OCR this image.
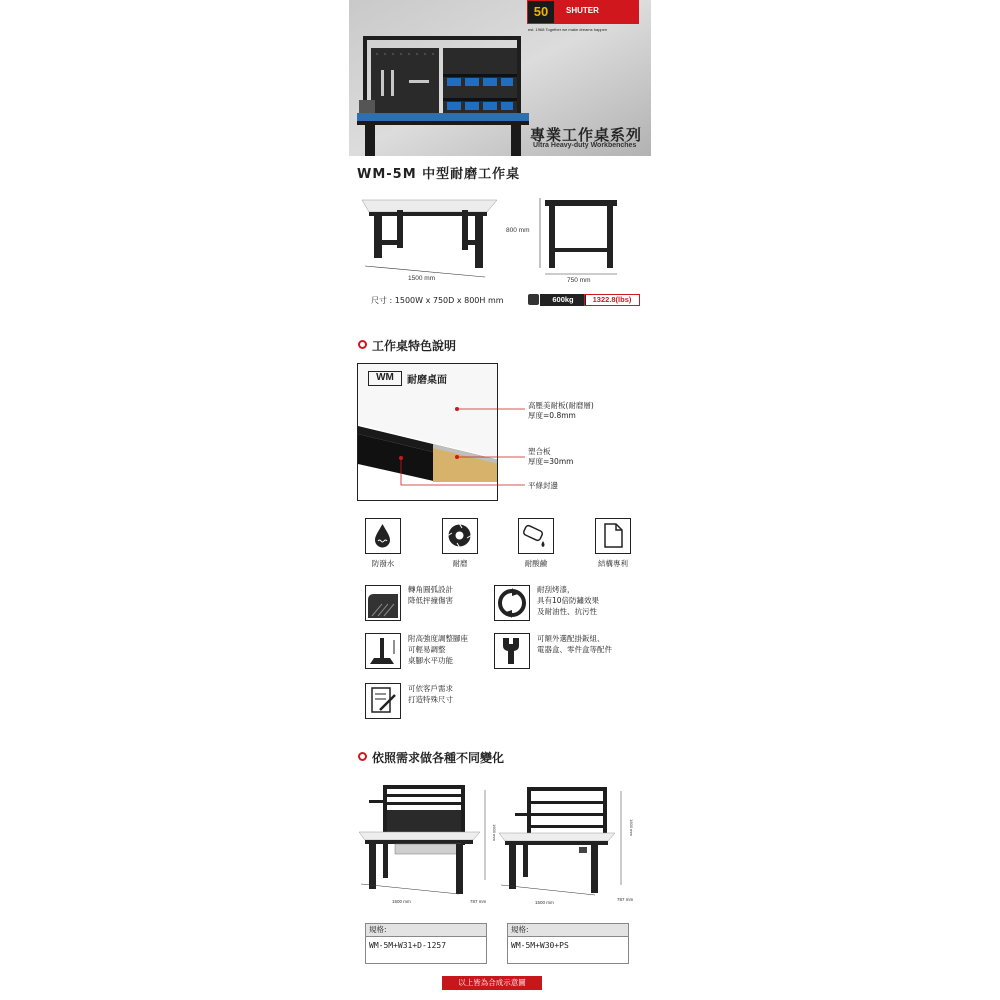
50	SHUTER
est. 1968 Together we make dreams happen
專業工作桌系列
Ultra Heavy-duty Workbenches
WM-5M 中型耐磨工作桌
800 mm
1500 mm	750 mm
尺寸 : 1500W x 750D x 800H mm	600kg	1322.8(lbs)
工作桌特色說明
WM	耐磨桌面
高壓美耐板(耐磨層)
厚度=0.8mm
塑合板
厚度=30mm
平條封邊
防潑水	耐磨	耐酸鹼	結構專利
轉角圓弧設計
降低抨撞傷害
耐刮烤漆，
具有10倍防鏽效果
及耐油性、抗污性
附高強度調整腳座
可輕易調整
桌腳水平功能
可額外選配掛鈑組、
電器盒、零件盒等配件
可依客戶需求
打造特殊尺寸
依照需求做各種不同變化
1500 mm	787 mm
1600 mm
1500 mm
787 mm
1600 mm
規格:
WM-5M+W31+D-1257
規格:
WM-5M+W30+PS
以上皆為合成示意圖
